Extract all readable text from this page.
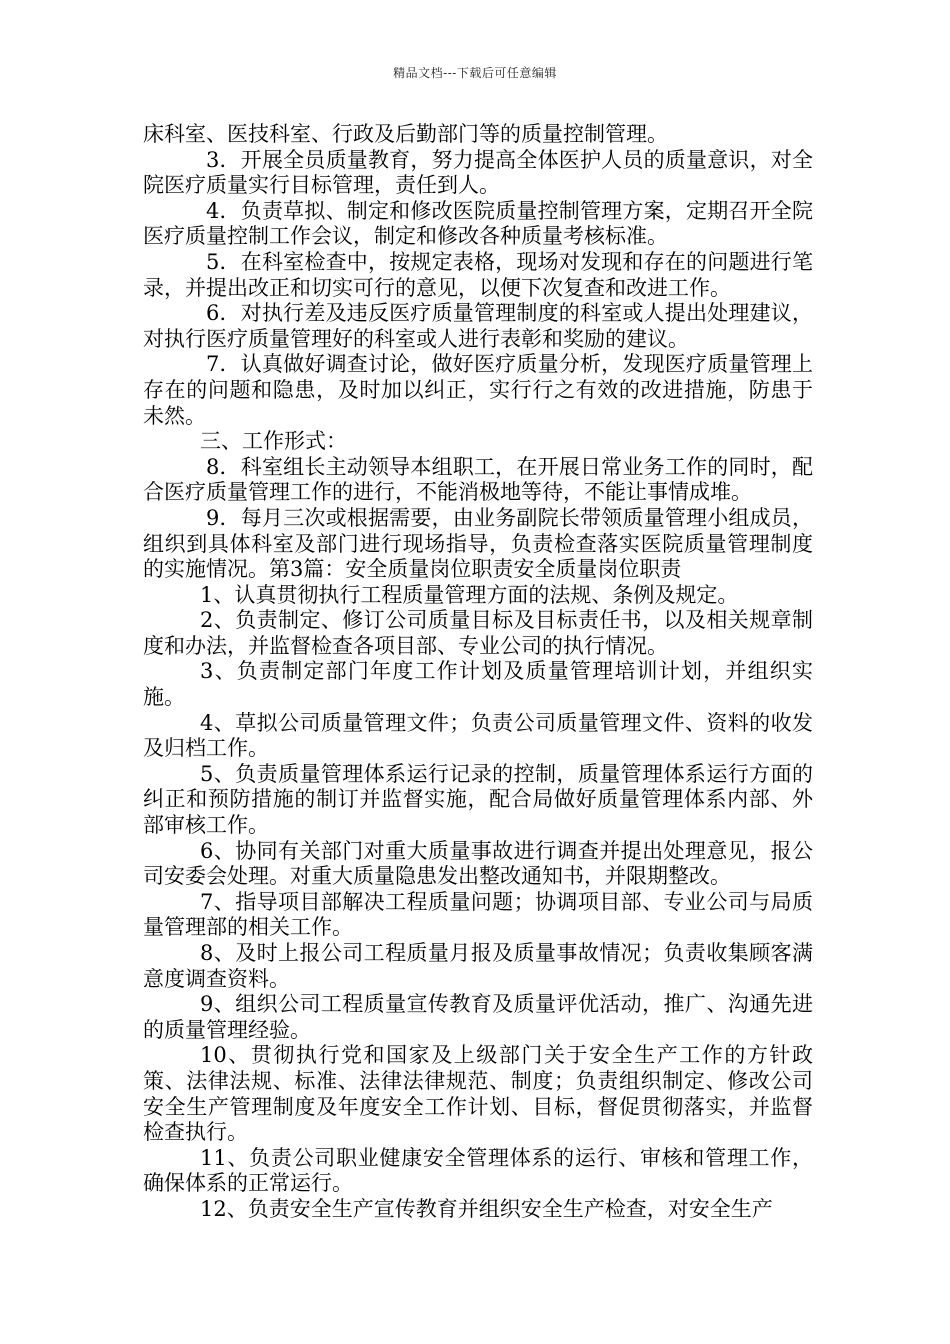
精品文档---下载后可任意编辑

床科室、医技科室、行政及后勤部门等的质量控制管理。

3．开展全员质量教育，努力提高全体医护人员的质量意识，对全院医疗质量实行目标管理，责任到人。

4．负责草拟、制定和修改医院质量控制管理方案，定期召开全院医疗质量控制工作会议，制定和修改各种质量考核标准。

5．在科室检查中，按规定表格，现场对发现和存在的问题进行笔录，并提出改正和切实可行的意见，以便下次复查和改进工作。

6．对执行差及违反医疗质量管理制度的科室或人提出处理建议，对执行医疗质量管理好的科室或人进行表彰和奖励的建议。

7．认真做好调查讨论，做好医疗质量分析，发现医疗质量管理上存在的问题和隐患，及时加以纠正，实行行之有效的改进措施，防患于未然。

三、工作形式：

8．科室组长主动领导本组职工，在开展日常业务工作的同时，配合医疗质量管理工作的进行，不能消极地等待，不能让事情成堆。

9．每月三次或根据需要，由业务副院长带领质量管理小组成员，组织到具体科室及部门进行现场指导，负责检查落实医院质量管理制度的实施情况。第3篇：安全质量岗位职责安全质量岗位职责

1、认真贯彻执行工程质量管理方面的法规、条例及规定。

2、负责制定、修订公司质量目标及目标责任书，以及相关规章制度和办法，并监督检查各项目部、专业公司的执行情况。

3、负责制定部门年度工作计划及质量管理培训计划，并组织实施。

4、草拟公司质量管理文件；负责公司质量管理文件、资料的收发及归档工作。

5、负责质量管理体系运行记录的控制，质量管理体系运行方面的纠正和预防措施的制订并监督实施，配合局做好质量管理体系内部、外部审核工作。

6、协同有关部门对重大质量事故进行调查并提出处理意见，报公司安委会处理。对重大质量隐患发出整改通知书，并限期整改。

7、指导项目部解决工程质量问题；协调项目部、专业公司与局质量管理部的相关工作。

8、及时上报公司工程质量月报及质量事故情况；负责收集顾客满意度调查资料。

9、组织公司工程质量宣传教育及质量评优活动，推广、沟通先进的质量管理经验。

10、贯彻执行党和国家及上级部门关于安全生产工作的方针政策、法律法规、标准、法律法律规范、制度；负责组织制定、修改公司安全生产管理制度及年度安全工作计划、目标，督促贯彻落实，并监督检查执行。

11、负责公司职业健康安全管理体系的运行、审核和管理工作，确保体系的正常运行。

12、负责安全生产宣传教育并组织安全生产检查，对安全生产
